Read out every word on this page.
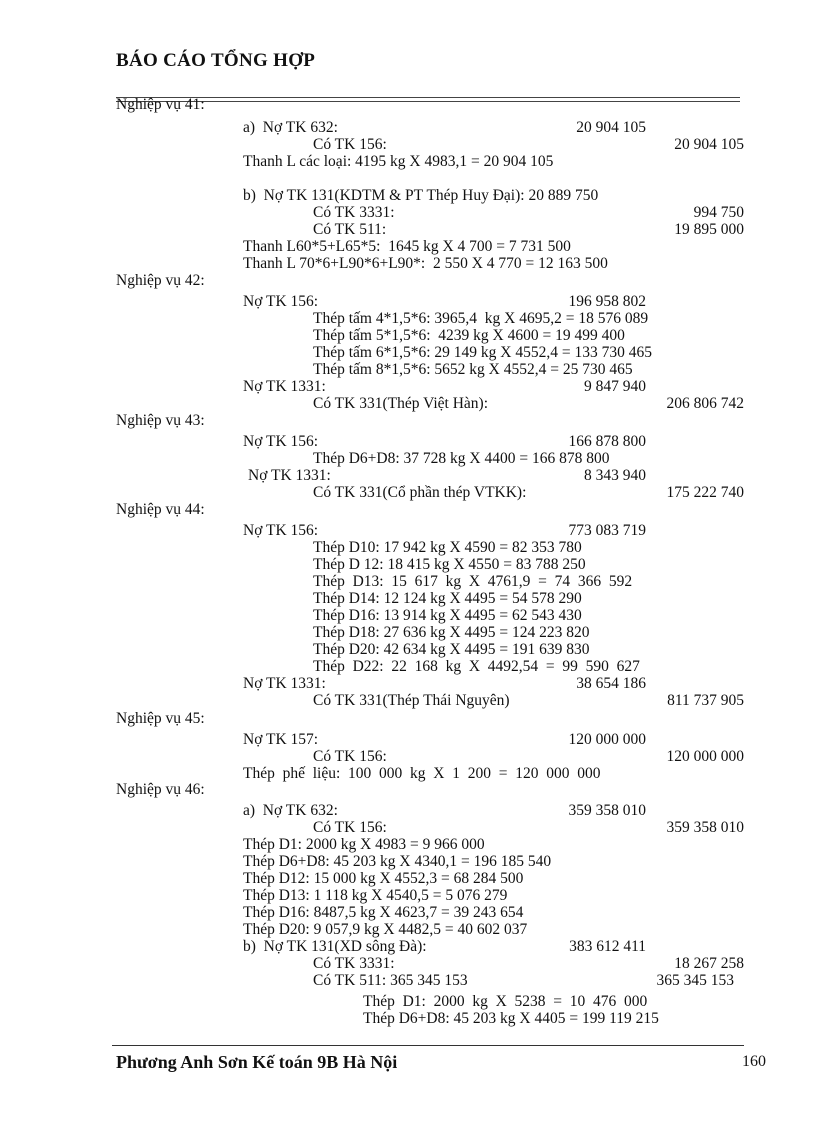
BÁO CÁO TỔNG HỢP
Nghiệp vụ 41:
a)  Nợ TK 632:	20 904 105
Có TK 156:	20 904 105
Thanh L các loại: 4195 kg X 4983,1 = 20 904 105
b)  Nợ TK 131(KDTM & PT Thép Huy Đại): 20 889 750
Có TK 3331:	994 750
Có TK 511:	19 895 000
Thanh L60*5+L65*5:  1645 kg X 4 700 = 7 731 500
Thanh L 70*6+L90*6+L90*:  2 550 X 4 770 = 12 163 500
Nghiệp vụ 42:
Nợ TK 156:	196 958 802
Thép tấm 4*1,5*6: 3965,4  kg X 4695,2 = 18 576 089
Thép tấm 5*1,5*6:  4239 kg X 4600 = 19 499 400
Thép tấm 6*1,5*6: 29 149 kg X 4552,4 = 133 730 465
Thép tấm 8*1,5*6: 5652 kg X 4552,4 = 25 730 465
Nợ TK 1331:	9 847 940
Có TK 331(Thép Việt Hàn):	206 806 742
Nghiệp vụ 43:
Nợ TK 156:	166 878 800
Thép D6+D8: 37 728 kg X 4400 = 166 878 800
Nợ TK 1331:	8 343 940
Có TK 331(Cổ phần thép VTKK):	175 222 740
Nghiệp vụ 44:
Nợ TK 156:	773 083 719
Thép D10: 17 942 kg X 4590 = 82 353 780
Thép D 12: 18 415 kg X 4550 = 83 788 250
Thép  D13:  15  617  kg  X  4761,9  =  74  366  592
Thép D14: 12 124 kg X 4495 = 54 578 290
Thép D16: 13 914 kg X 4495 = 62 543 430
Thép D18: 27 636 kg X 4495 = 124 223 820
Thép D20: 42 634 kg X 4495 = 191 639 830
Thép  D22:  22  168  kg  X  4492,54  =  99  590  627
Nợ TK 1331:	38 654 186
Có TK 331(Thép Thái Nguyên)	811 737 905
Nghiệp vụ 45:
Nợ TK 157:	120 000 000
Có TK 156:	120 000 000
Thép  phế  liệu:  100  000  kg  X  1  200  =  120  000  000
Nghiệp vụ 46:
a)  Nợ TK 632:	359 358 010
Có TK 156:	359 358 010
Thép D1: 2000 kg X 4983 = 9 966 000
Thép D6+D8: 45 203 kg X 4340,1 = 196 185 540
Thép D12: 15 000 kg X 4552,3 = 68 284 500
Thép D13: 1 118 kg X 4540,5 = 5 076 279
Thép D16: 8487,5 kg X 4623,7 = 39 243 654
Thép D20: 9 057,9 kg X 4482,5 = 40 602 037
b)  Nợ TK 131(XD sông Đà):	383 612 411
Có TK 3331:	18 267 258
Có TK 511: 365 345 153	365 345 153
Thép  D1:  2000  kg  X  5238  =  10  476  000
Thép D6+D8: 45 203 kg X 4405 = 199 119 215
Phương Anh Sơn Kế toán 9B Hà Nội	160
